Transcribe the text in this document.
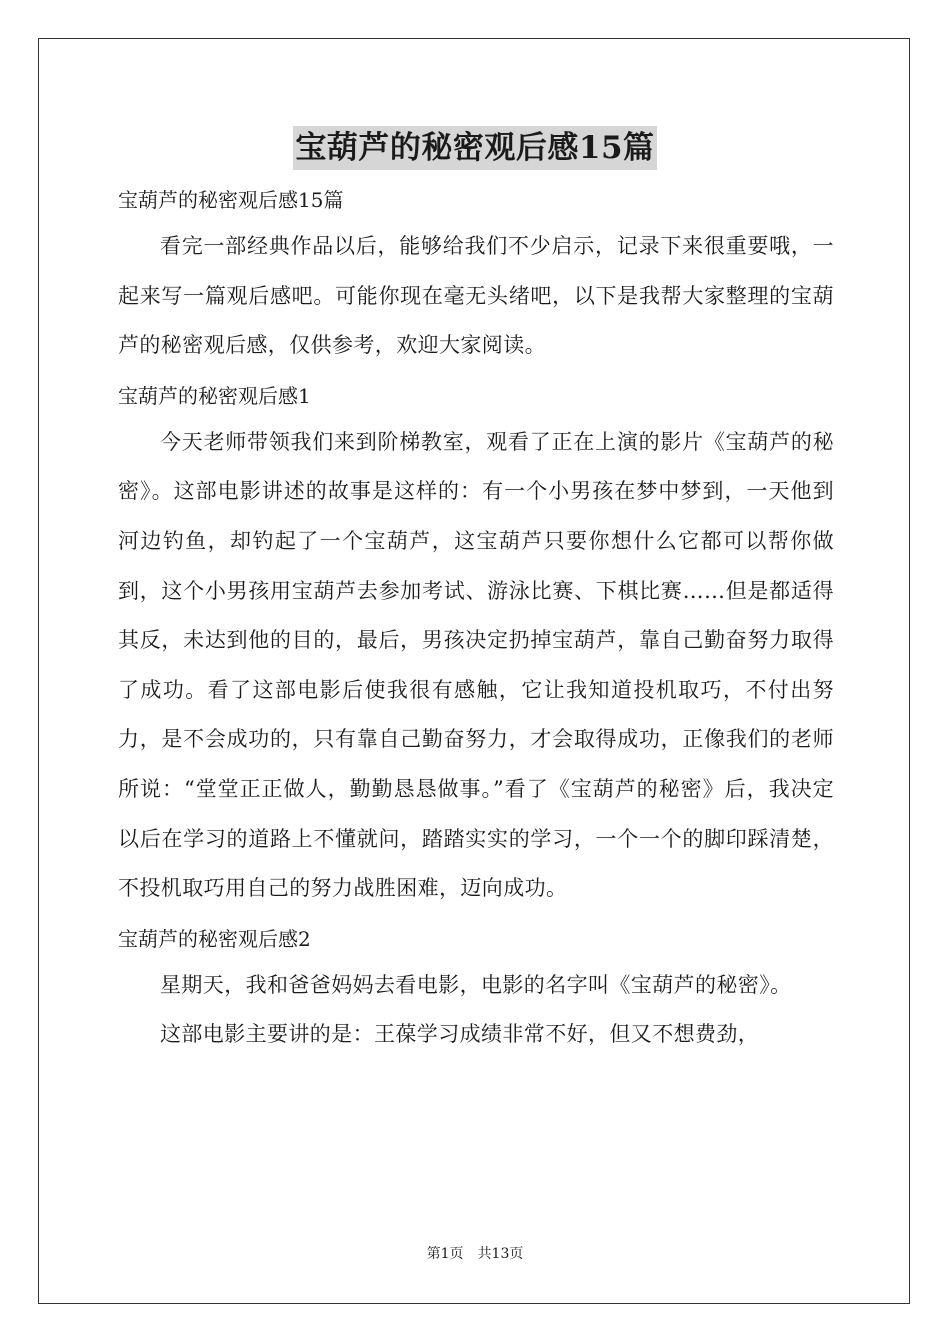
宝葫芦的秘密观后感15篇

宝葫芦的秘密观后感15篇

看完一部经典作品以后，能够给我们不少启示，记录下来很重要哦，一起来写一篇观后感吧。可能你现在毫无头绪吧，以下是我帮大家整理的宝葫芦的秘密观后感，仅供参考，欢迎大家阅读。

宝葫芦的秘密观后感1

今天老师带领我们来到阶梯教室，观看了正在上演的影片《宝葫芦的秘密》。这部电影讲述的故事是这样的：有一个小男孩在梦中梦到，一天他到河边钓鱼，却钓起了一个宝葫芦，这宝葫芦只要你想什么它都可以帮你做到，这个小男孩用宝葫芦去参加考试、游泳比赛、下棋比赛……但是都适得其反，未达到他的目的，最后，男孩决定扔掉宝葫芦，靠自己勤奋努力取得了成功。看了这部电影后使我很有感触，它让我知道投机取巧，不付出努力，是不会成功的，只有靠自己勤奋努力，才会取得成功，正像我们的老师所说：“堂堂正正做人，勤勤恳恳做事。”看了《宝葫芦的秘密》后，我决定以后在学习的道路上不懂就问，踏踏实实的学习，一个一个的脚印踩清楚，不投机取巧用自己的努力战胜困难，迈向成功。

宝葫芦的秘密观后感2

星期天，我和爸爸妈妈去看电影，电影的名字叫《宝葫芦的秘密》。

这部电影主要讲的是：王葆学习成绩非常不好，但又不想费劲，

第1页 共13页
